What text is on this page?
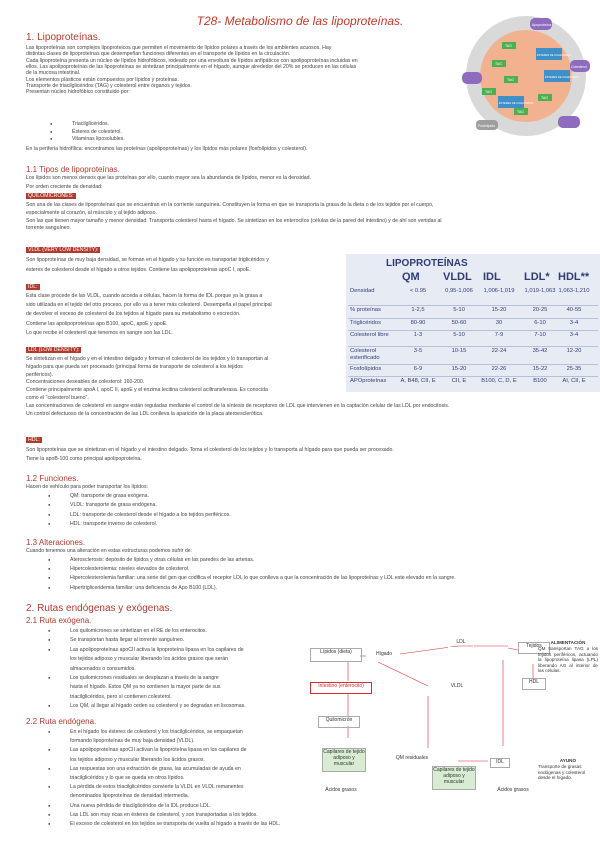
T28- Metabolismo de las lipoproteínas.
1. Lipoproteínas.
Las lipoproteínas son complejos lipoproteicos que permiten el movimiento de lípidos polares a través de los ambientes acuosos. Hay
distintas clases de lipoproteínas que desempeñan funciones diferentes en el transporte de lípidos en la circulación.
Cada lipoproteína presenta un núcleo de lípidos hidrofóbicos, rodeado por una envoltura de lípidos anfipáticos con apolipoproteínas incluidas en
ellos. Las apolipoproteínas de las lipoproteínas se sintetizan principalmente en el hígado, aunque alrededor del 20% se producen en las células
de la mucosa intestinal.
Los elementos plásticos están compuestos por lípidos y proteínas.
Transporte de triacilglicéridos (TAG) y colesterol entre órganos y tejidos.
Presentan núcleo hidrofóbico constituido por:
● Triacilglicéridos.
● Ésteres de colesterol.
● Vitaminas liposolubles.
En la periferia hidrofílica: encontramos las proteínas (apolipoproteínas) y los lípidos más polares (fosfolípidos y colesterol).
Apoproteína
Colesterol
Fosfolípido
TAG
TAG
TAG
TAG
TAG
TAG
ÉSTERES DE COLESTEROL
ÉSTERES DE COLESTEROL
ÉSTERES DE COLESTEROL
1.1 Tipos de lipoproteínas.
Los lípidos son menos densos que las proteínas por ello, cuanto mayor sea la abundancia de lípidos, menor es la densidad.
Por orden creciente de densidad:
QUILOMICRONES:
Son una de las clases de lipoproteínas que se encuentran en la corriente sanguínea. Constituyen la forma en que se transporta la grasa de la dieta o de los tejidos por el cuerpo,
especialmente al corazón, al músculo y al tejido adiposo.
Son las que tienen mayor tamaño y menor densidad. Transporta colesterol hasta el hígado. Se sintetizan en los enterocitos (células de la pared del intestino) y de ahí son vertidas al
torrente sanguíneo.
VLDL (VERY LOW DENSITY):
Son lipoproteínas de muy baja densidad, se forman en el hígado y su función es transportar triglicéridos y
ésteres de colesterol desde el hígado a otros tejidos. Contiene las apolipoproteínas apoC I, apoE.
IDL:
Esta clase procede de las VLDL, cuando acceda a células, hacen la forma de IDL porque ya la grasa a
sido utilizada en el tejido del otro proceso, por ello va a tener más colesterol. Desempeña el papel principal
de devolver el exceso de colesterol de los tejidos al hígado para su metabolismo o excreción.
Contiene las apolipoproteínas apo B100, apoC, apoE y apoE.
Lo que recibe el colesterol que tenemos en sangre son las LDL.
LDL (LOW DENSITY):
Se sintetizan en el hígado y en el intestino delgado y forman el colesterol de los tejidos y lo transportan al
hígado para que pueda ser procesado (principal forma de transporte de colesterol a los tejidos
periféricos).
Concentraciones deseables de colesterol: 160-200.
Contiene principalmente apoA I, apoC II, apoE y el enzima lecitina colesterol aciltransferasa. Es conocida
como el "colesterol bueno".
Las concentraciones de colesterol en sangre están reguladas mediante el control de la síntesis de receptores de LDL que intervienen en la captación celular de las LDL por endocitosis.
Un control defectuoso de la concentración de las LDL conlleva la aparición de la placa ateroesclerótica.
HDL:
Son lipoproteínas que se sintetizan en el hígado y el intestino delgado. Toma el colesterol de los tejidos y lo transporta al hígado para que pueda ser procesado.
Tiene la apoB-100 como principal apolipoproteína.
LIPOPROTEÍNAS
QM VLDL IDL LDL* HDL**
Densidad	< 0.95	0,95-1,006	1,006-1,019	1,019-1,063 1,063-1,210
% proteínas	1-2,5	5-10	15-20	20-25	40-55
Triglicéridos	80-90	50-60	30	6-10	3-4
Colesterol libre	1-3	5-10	7-9	7-10	3-4
Colesterol esterificado
3-5	10-15	22-24	35-42	12-20
Fosfolípidos	6-9	15-20	22-26	15-22	25-35
APOproteínas	A, B48, CII, E	CII, E	B100, C, D, E	B100	AI, CII, E
1.2 Funciones.
Hacen de vehículo para poder transportar los lípidos:
● QM: transporte de grasa exógena.
● VLDL: transporte de grasa endógena.
● LDL: transporte de colesterol desde el hígado a los tejidos periféricos.
● HDL: transporte inverso de colesterol.
1.3 Alteraciones.
Cuando tenemos una alteración en estas estructuras podemos sufrir de:
● Aterosclerosis: depósito de lípidos y otras células en las paredes de las arterias.
● Hipercolesterolemia: niveles elevados de colesterol.
● Hipercolesterolemia familiar: una serie del gen que codifica el receptor LDL lo que conlleva a que la concentración de las lipoproteínas y LDL este elevado en la sangre.
● Hipertrigliceridemia familiar: una deficiencia de Apo B100 (LDL).
2. Rutas endógenas y exógenas.
2.1 Ruta exógena.
● Los quilomicrones se sintetizan en el RE de los enterocitos.
● Se transportan hasta llegar al torrente sanguíneo.
● Las apolipoproteínas apoCII activa la lipoproteína lipasa en los capilares de
los tejidos adiposo y muscular liberando los ácidos grasos que serán
almacenados o consumidos.
● Los quilomicrones residuales se desplazan a través de la sangre
hasta el hígado. Estos QM ya no contienen la mayor parte de sus
triacilglicéridos, pero sí contienen colesterol.
● Los QM, al llegar al hígado ceden su colesterol y se degradan en lisosomas.
2.2 Ruta endógena.
● En el hígado los ésteres de colesterol y los triacilglicéridos, se empaquetan
formando lipoproteínas de muy baja densidad (VLDL).
● Las apolipoproteínas apoCII activan la lipoproteína lipasa en los capilares de
los tejidos adiposo y muscular liberando los ácidos grasos.
● Las respuestas son una extracción de grasa, las acumuladas de ayuda en
triacilglicéridos y lo que se queda en otros lípidos.
● La pérdida de estos triacilglicéridos convierte la VLDL en VLDL remanentes
denominados lipoproteínas de densidad intermedia.
● Una nueva pérdida de triacilglicéridos de la IDL produce LDL.
● Las LDL son muy ricas en ésteres de colesterol, y son transportadas a los tejidos.
● El exceso de colesterol en los tejidos se transporta de vuelta al hígado a través de las HDL.
Lípidos (dieta)	Hígado
LDL
Tejidos
HDL
Intestino (enterocito)	VLDL
Quilomicrón
Capilares de tejido adiposo y muscular
QM residuales
Capilares de tejido adiposo y muscular
IDL
Ácidos grasos	Ácidos grasos
ALIMENTACIÓN
QM transportan TAG a los tejidos periféricos, actuando la lipoproteína lipasa (LPL) liberando AG al interior de las células.
AYUNO
Transporte de grasas endógenas y colesterol desde el hígado.
